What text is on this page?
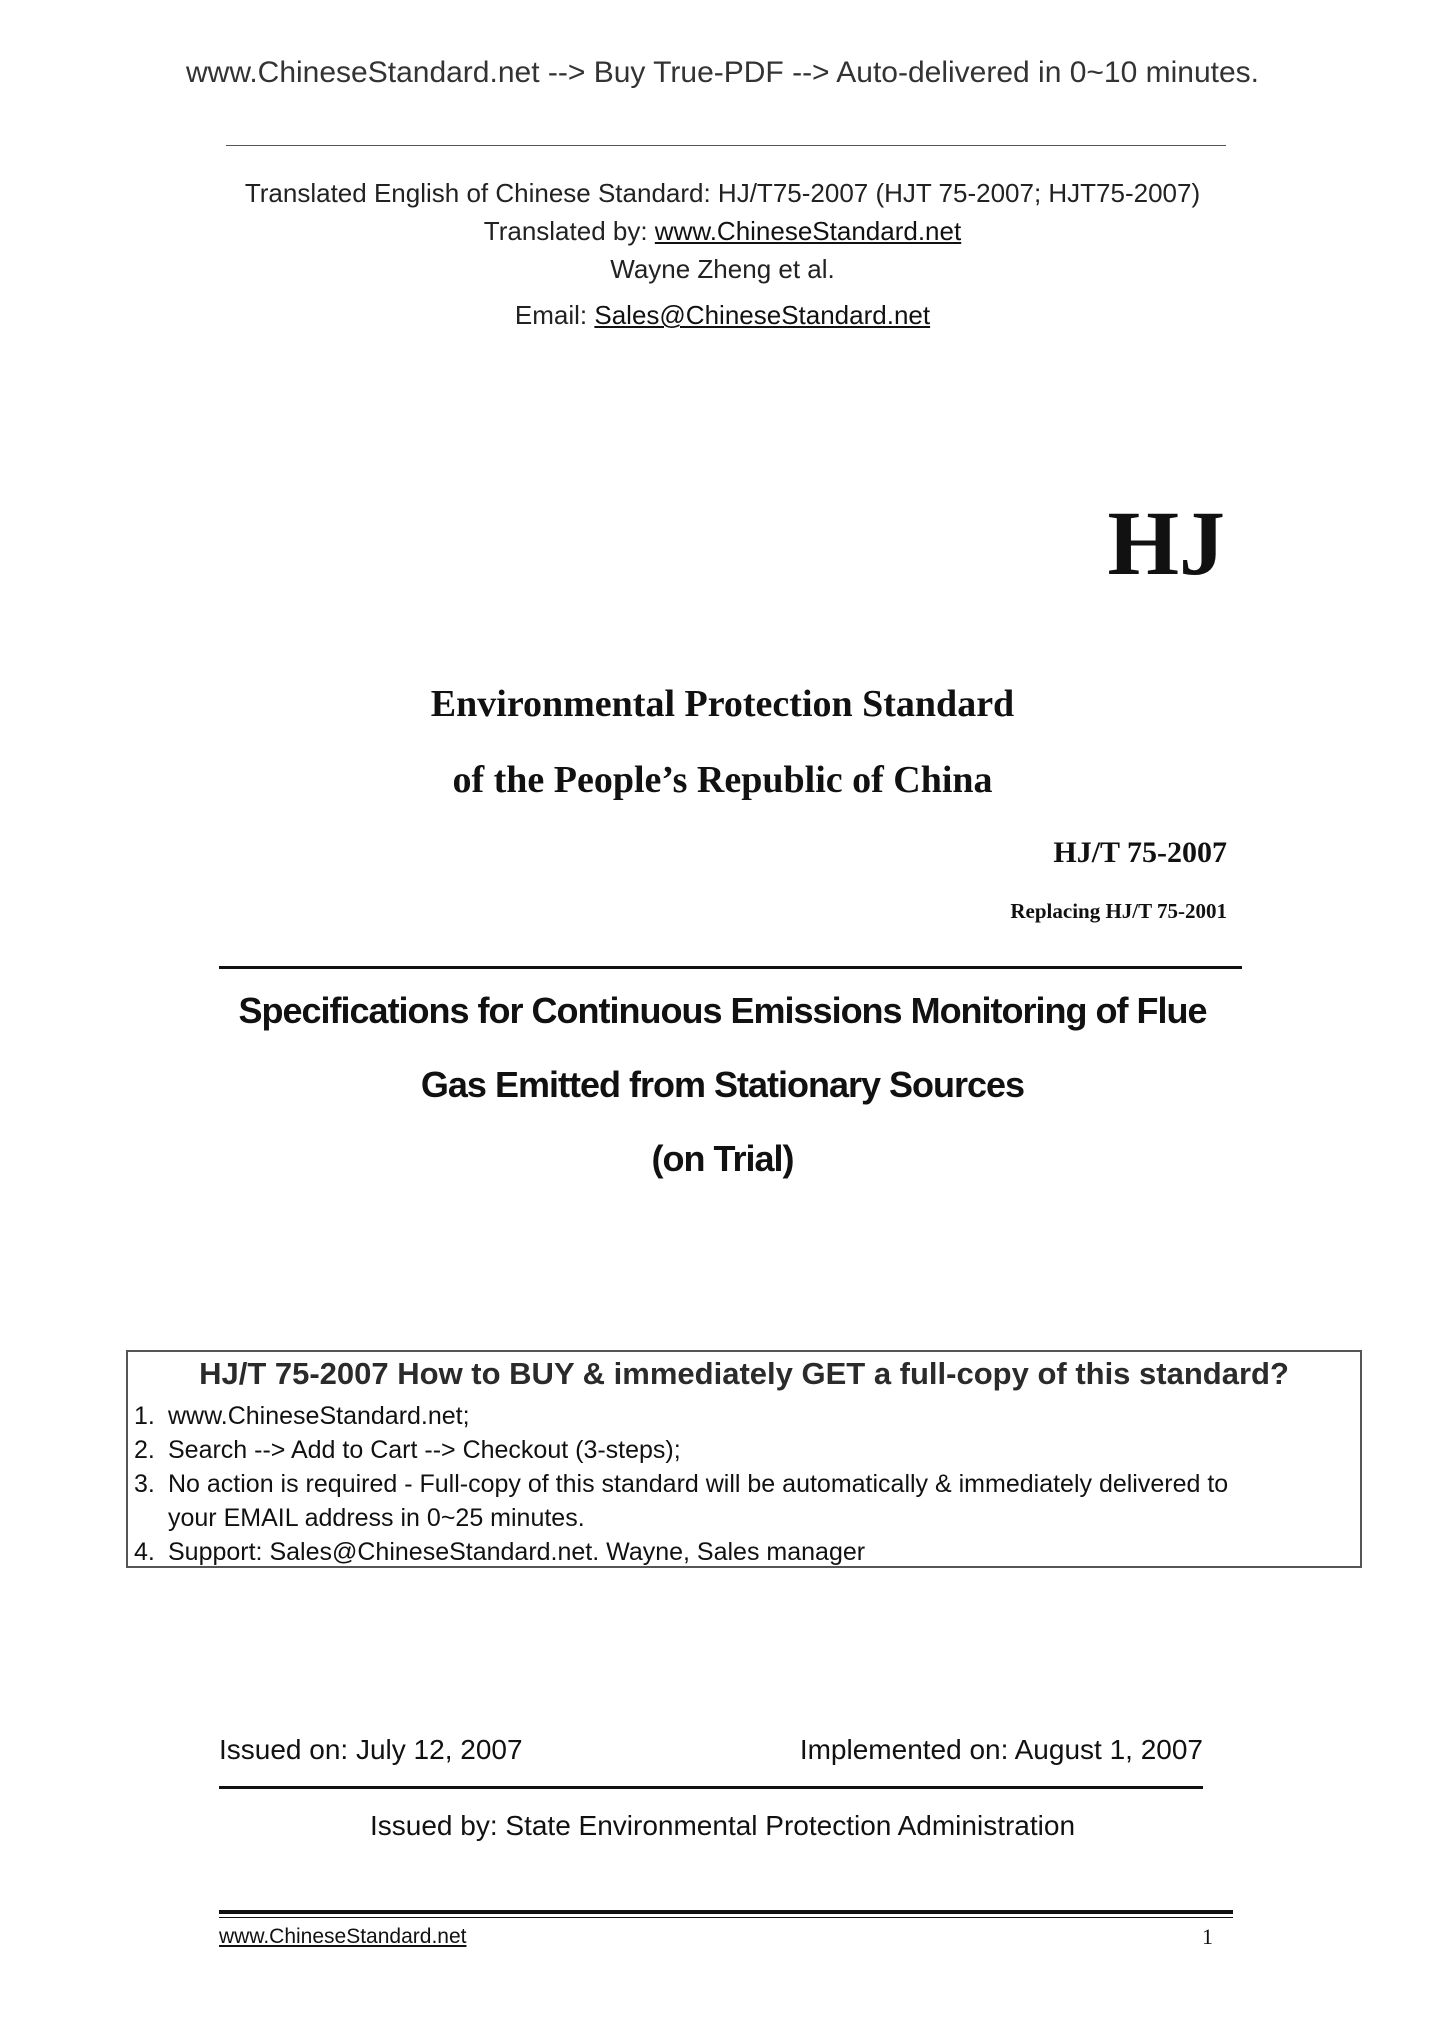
www.ChineseStandard.net --> Buy True-PDF --> Auto-delivered in 0~10 minutes.
Translated English of Chinese Standard: HJ/T75-2007 (HJT 75-2007; HJT75-2007)
Translated by: www.ChineseStandard.net
Wayne Zheng et al.
Email: Sales@ChineseStandard.net
HJ
Environmental Protection Standard
of the People’s Republic of China
HJ/T 75-2007
Replacing HJ/T 75-2001
Specifications for Continuous Emissions Monitoring of Flue
Gas Emitted from Stationary Sources
(on Trial)
HJ/T 75-2007 How to BUY & immediately GET a full-copy of this standard?
1. www.ChineseStandard.net;
2. Search --> Add to Cart --> Checkout (3-steps);
3. No action is required - Full-copy of this standard will be automatically & immediately delivered to
your EMAIL address in 0~25 minutes.
4. Support: Sales@ChineseStandard.net. Wayne, Sales manager
Issued on: July 12, 2007	Implemented on: August 1, 2007
Issued by: State Environmental Protection Administration
www.ChineseStandard.net	1
